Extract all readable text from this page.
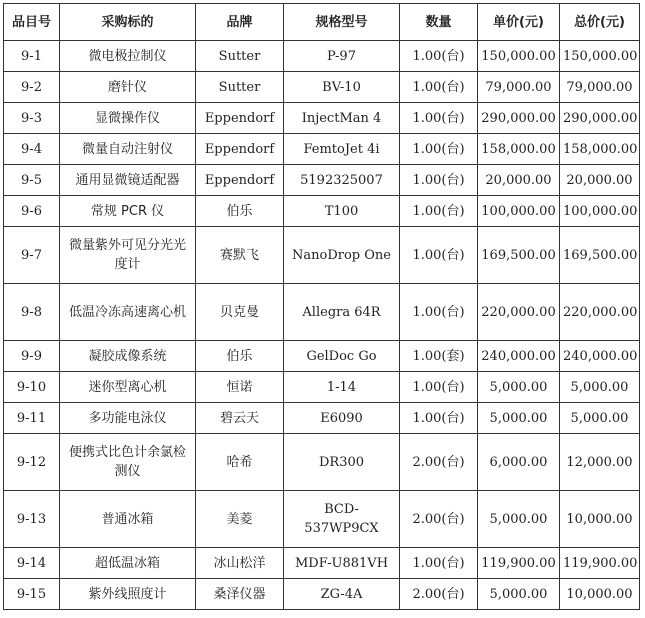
品目号	采购标的	品牌	规格型号	数量	单价(元)	总价(元)
9-1	微电极拉制仪	Sutter	P-97	1.00(台)	150,000.00	150,000.00
9-2	磨针仪	Sutter	BV-10	1.00(台)	79,000.00	79,000.00
9-3	显微操作仪	Eppendorf	InjectMan 4	1.00(台)	290,000.00	290,000.00
9-4	微量自动注射仪	Eppendorf	FemtoJet 4i	1.00(台)	158,000.00	158,000.00
9-5	通用显微镜适配器	Eppendorf	5192325007	1.00(台)	20,000.00	20,000.00
9-6	常规 PCR 仪	伯乐	T100	1.00(台)	100,000.00	100,000.00
9-7	微量紫外可见分光光度计	赛默飞	NanoDrop One	1.00(台)	169,500.00	169,500.00
9-8	低温冷冻高速离心机	贝克曼	Allegra 64R	1.00(台)	220,000.00	220,000.00
9-9	凝胶成像系统	伯乐	GelDoc Go	1.00(套)	240,000.00	240,000.00
9-10	迷你型离心机	恒诺	1-14	1.00(台)	5,000.00	5,000.00
9-11	多功能电泳仪	碧云天	E6090	1.00(台)	5,000.00	5,000.00
9-12	便携式比色计余氯检测仪	哈希	DR300	2.00(台)	6,000.00	12,000.00
9-13	普通冰箱	美菱	BCD-537WP9CX	2.00(台)	5,000.00	10,000.00
9-14	超低温冰箱	冰山松洋	MDF-U881VH	1.00(台)	119,900.00	119,900.00
9-15	紫外线照度计	桑泽仪器	ZG-4A	2.00(台)	5,000.00	10,000.00
